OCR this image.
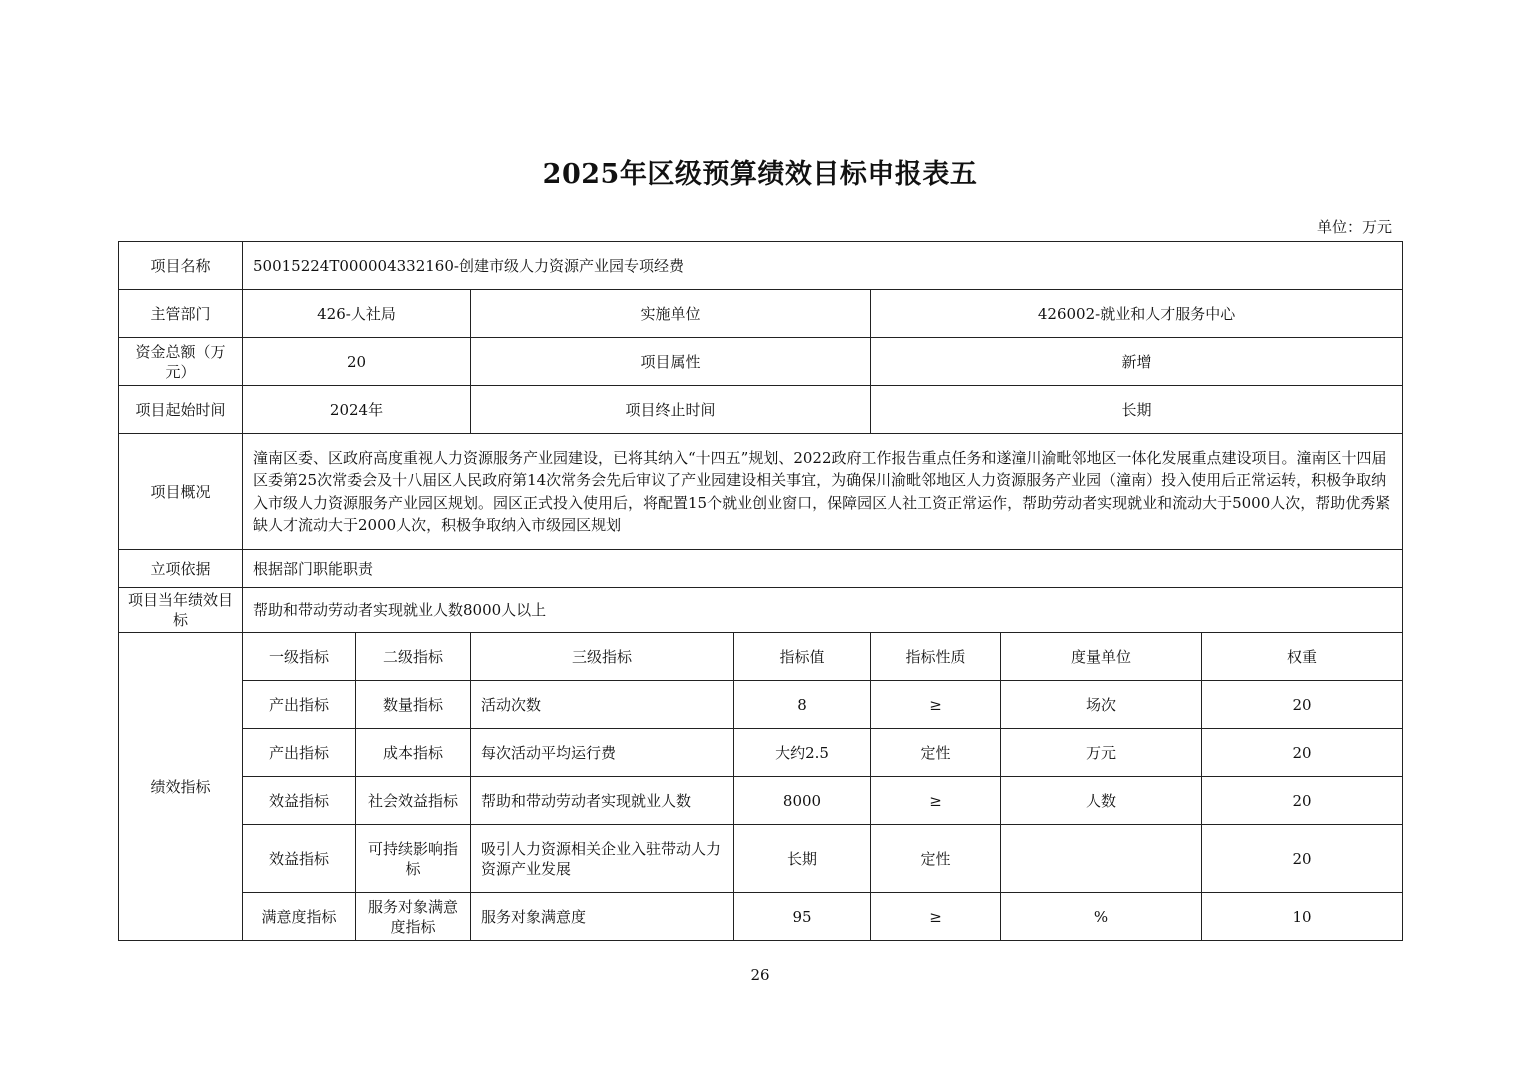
2025年区级预算绩效目标申报表五
单位：万元
项目名称	50015224T000004332160-创建市级人力资源产业园专项经费						
主管部门	426-人社局		实施单位		426002-就业和人才服务中心		
资金总额（万元）	20		项目属性		新增		
项目起始时间	2024年		项目终止时间		长期		
项目概况	潼南区委、区政府高度重视人力资源服务产业园建设，已将其纳入“十四五”规划、2022政府工作报告重点任务和遂潼川渝毗邻地区一体化发展重点建设项目。潼南区十四届区委第25次常委会及十八届区人民政府第14次常务会先后审议了产业园建设相关事宜，为确保川渝毗邻地区人力资源服务产业园（潼南）投入使用后正常运转，积极争取纳入市级人力资源服务产业园区规划。园区正式投入使用后，将配置15个就业创业窗口，保障园区人社工资正常运作，帮助劳动者实现就业和流动大于5000人次，帮助优秀紧缺人才流动大于2000人次，积极争取纳入市级园区规划						
立项依据	根据部门职能职责						
项目当年绩效目标	帮助和带动劳动者实现就业人数8000人以上						
绩效指标	一级指标	二级指标	三级指标	指标值	指标性质	度量单位	权重
	产出指标	数量指标	活动次数	8	≥	场次	20
	产出指标	成本指标	每次活动平均运行费	大约2.5	定性	万元	20
	效益指标	社会效益指标	帮助和带动劳动者实现就业人数	8000	≥	人数	20
	效益指标	可持续影响指标	吸引人力资源相关企业入驻带动人力资源产业发展	长期	定性		20
	满意度指标	服务对象满意度指标	服务对象满意度	95	≥	%	10
26
